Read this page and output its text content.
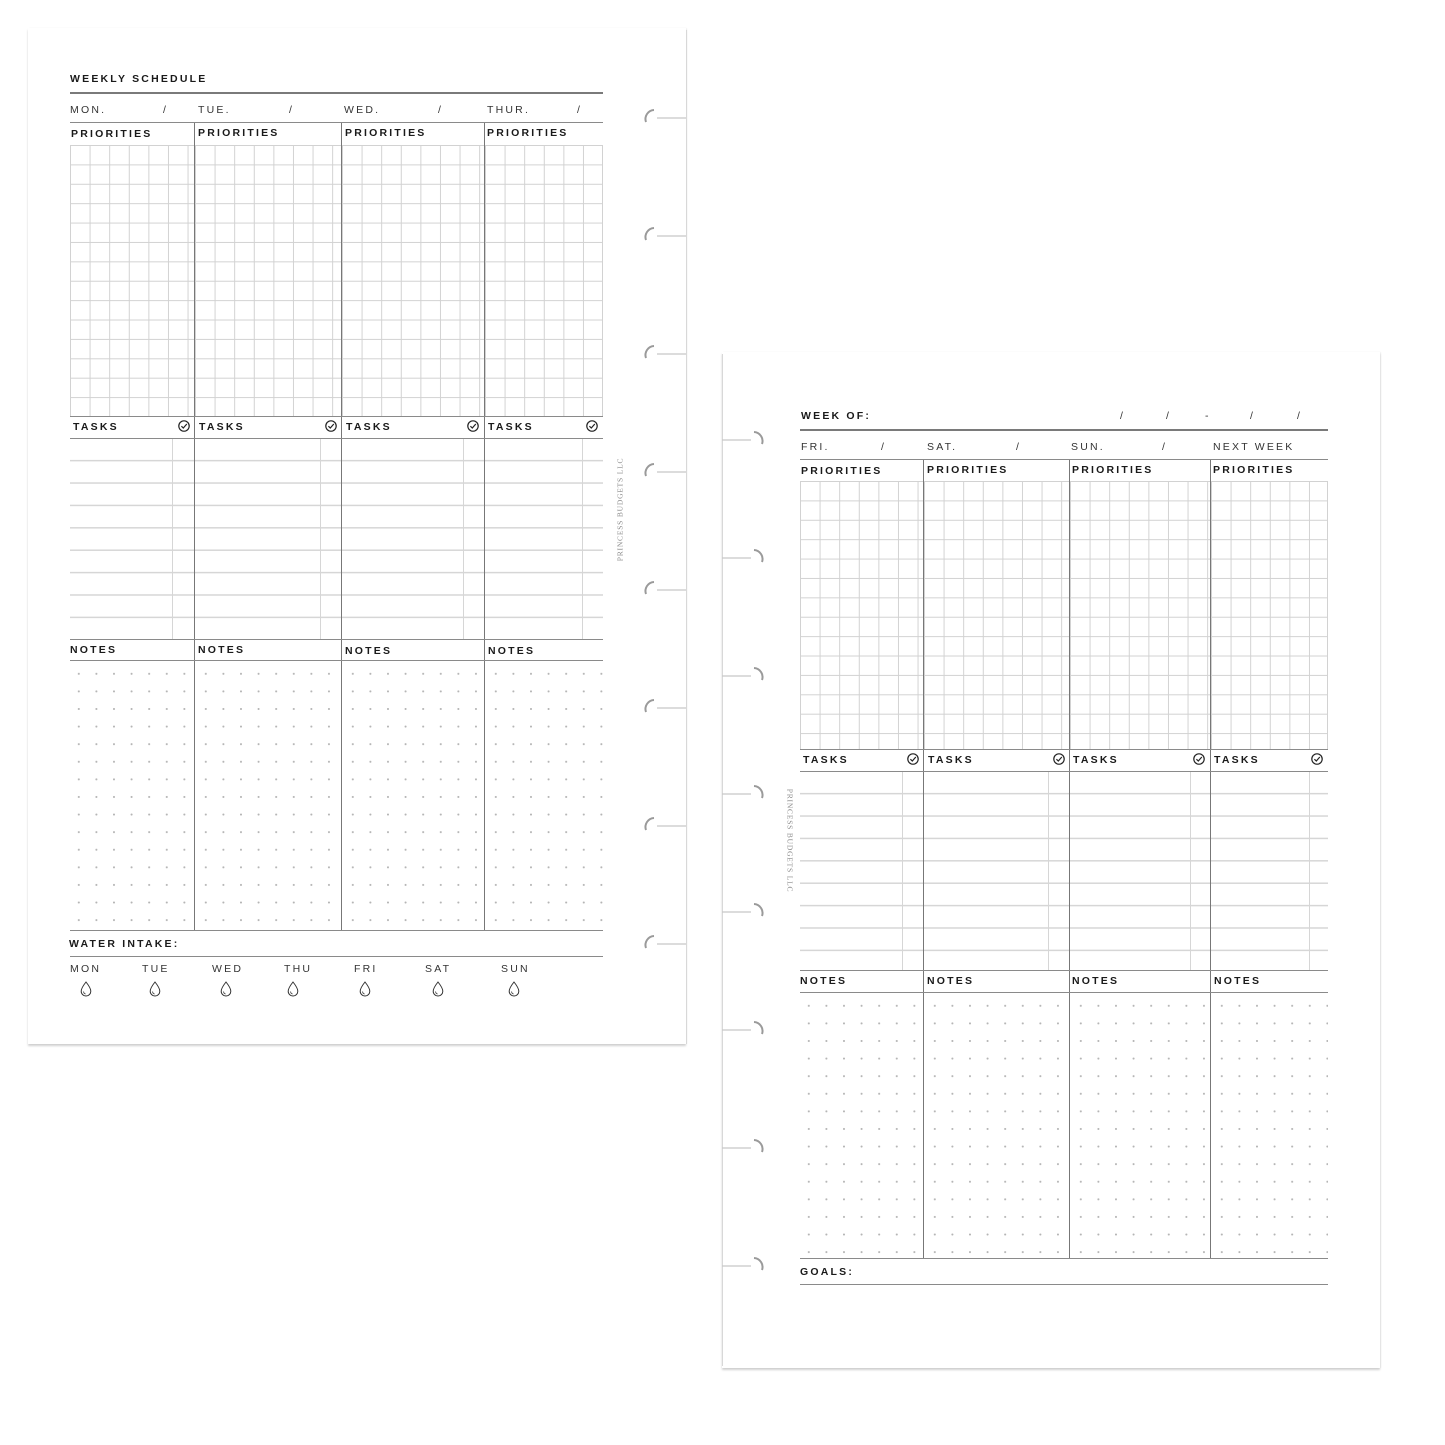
WEEKLY SCHEDULE
MON.	/	TUE.	/	WED.	/	THUR.	/
PRIORITIES	PRIORITIES	PRIORITIES	PRIORITIES
TASKS	TASKS	TASKS	TASKS
NOTES	NOTES	NOTES	NOTES
WATER INTAKE:
MON	TUE	WED	THU	FRI	SAT	SUN
PRINCESS BUDGETS LLC
WEEK OF:	/	/	-	/	/
FRI.	/	SAT.	/	SUN.	/	NEXT WEEK
PRIORITIES	PRIORITIES	PRIORITIES	PRIORITIES
TASKS	TASKS	TASKS	TASKS
NOTES	NOTES	NOTES	NOTES
GOALS:
PRINCESS BUDGETS LLC
